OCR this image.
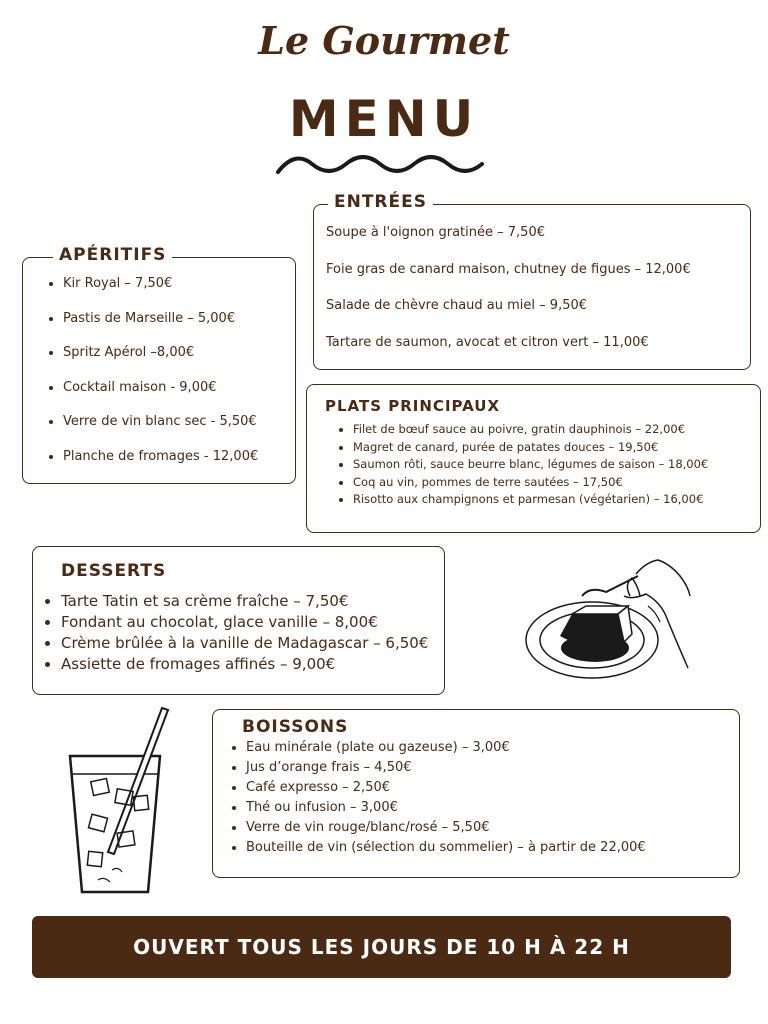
Le Gourmet
MENU
APÉRITIFS
• Kir Royal – 7,50€
• Pastis de Marseille – 5,00€
• Spritz Apérol –8,00€
• Cocktail maison - 9,00€
• Verre de vin blanc sec - 5,50€
• Planche de fromages - 12,00€
ENTRÉES
Soupe à l'oignon gratinée – 7,50€
Foie gras de canard maison, chutney de figues – 12,00€
Salade de chèvre chaud au miel – 9,50€
Tartare de saumon, avocat et citron vert – 11,00€
PLATS PRINCIPAUX
• Filet de bœuf sauce au poivre, gratin dauphinois – 22,00€
• Magret de canard, purée de patates douces – 19,50€
• Saumon rôti, sauce beurre blanc, légumes de saison – 18,00€
• Coq au vin, pommes de terre sautées – 17,50€
• Risotto aux champignons et parmesan (végétarien) – 16,00€
DESSERTS
• Tarte Tatin et sa crème fraîche – 7,50€
• Fondant au chocolat, glace vanille – 8,00€
• Crème brûlée à la vanille de Madagascar – 6,50€
• Assiette de fromages affinés – 9,00€
BOISSONS
• Eau minérale (plate ou gazeuse) – 3,00€
• Jus d’orange frais – 4,50€
• Café expresso – 2,50€
• Thé ou infusion – 3,00€
• Verre de vin rouge/blanc/rosé – 5,50€
• Bouteille de vin (sélection du sommelier) – à partir de 22,00€
OUVERT TOUS LES JOURS DE 10 H À 22 H
